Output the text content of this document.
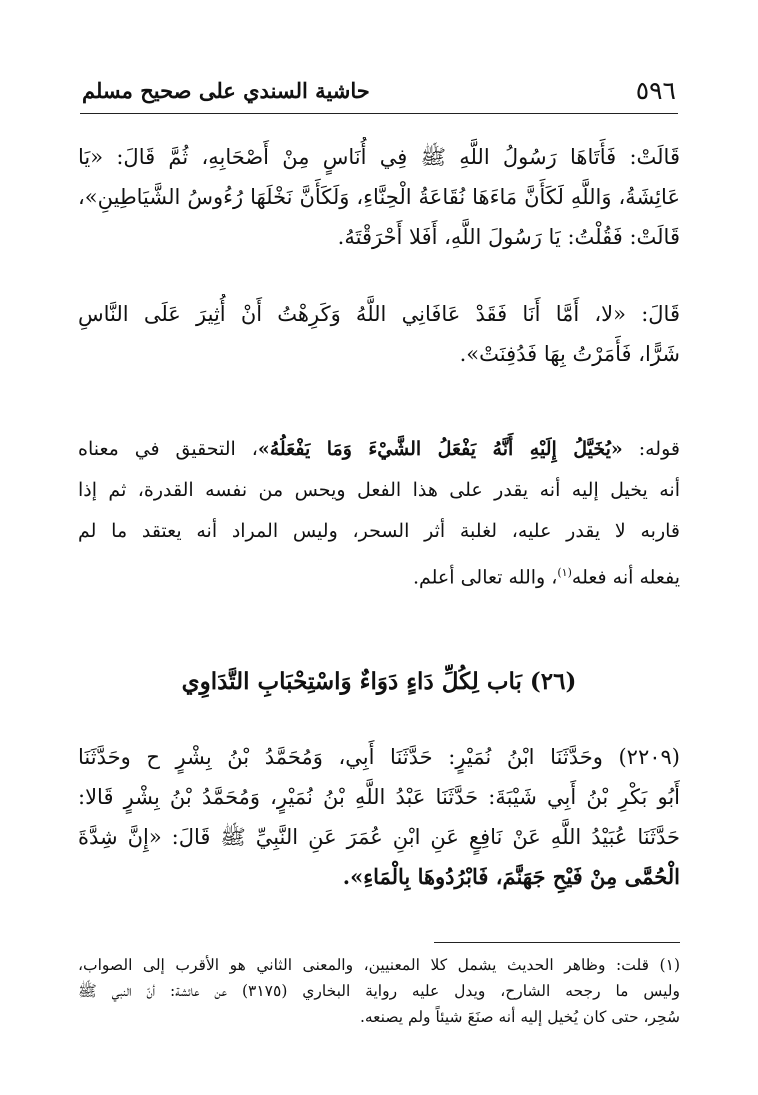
٥٩٦
حاشية السندي على صحيح مسلم
قَالَتْ: فَأَتَاهَا رَسُولُ اللَّهِ ﷺ فِي أُنَاسٍ مِنْ أَصْحَابِهِ، ثُمَّ قَالَ: «يَا
عَائِشَةُ، وَاللَّهِ لَكَأَنَّ مَاءَهَا نُقَاعَةُ الْحِنَّاءِ، وَلَكَأَنَّ نَخْلَهَا رُءُوسُ الشَّيَاطِينِ»،
قَالَتْ: فَقُلْتُ: يَا رَسُولَ اللَّهِ، أَفَلا أَحْرَقْتَهُ.
قَالَ: «لا، أَمَّا أَنَا فَقَدْ عَافَانِي اللَّهُ وَكَرِهْتُ أَنْ أُثِيرَ عَلَى النَّاسِ
شَرًّا، فَأَمَرْتُ بِهَا فَدُفِنَتْ».
قوله: «يُخَيَّلُ إِلَيْهِ أَنَّهُ يَفْعَلُ الشَّيْءَ وَمَا يَفْعَلُهُ»، التحقيق في معناه
أنه يخيل إليه أنه يقدر على هذا الفعل ويحس من نفسه القدرة، ثم إذا
قاربه لا يقدر عليه، لغلبة أثر السحر، وليس المراد أنه يعتقد ما لم
يفعله أنه فعله$^{(١)}$، والله تعالى أعلم.
(٢٦) بَاب لِكُلِّ دَاءٍ دَوَاءٌ وَاسْتِحْبَابِ التَّدَاوِي
(٢٢٠٩) وحَدَّثَنَا ابْنُ نُمَيْرٍ: حَدَّثَنَا أَبِي، وَمُحَمَّدُ بْنُ بِشْرٍ ح وحَدَّثَنَا
أَبُو بَكْرِ بْنُ أَبِي شَيْبَةَ: حَدَّثَنَا عَبْدُ اللَّهِ بْنُ نُمَيْرٍ، وَمُحَمَّدُ بْنُ بِشْرٍ قَالا:
حَدَّثَنَا عُبَيْدُ اللَّهِ عَنْ نَافِعٍ عَنِ ابْنِ عُمَرَ عَنِ النَّبِيِّ ﷺ قَالَ: «إِنَّ شِدَّةَ
الْحُمَّى مِنْ فَيْحِ جَهَنَّمَ، فَابْرُدُوهَا بِالْمَاءِ».
(١) قلت: وظاهر الحديث يشمل كلا المعنيين، والمعنى الثاني هو الأقرب إلى الصواب،
وليس ما رجحه الشارح، ويدل عليه رواية البخاري (٣١٧٥) عن عائشة: أنّ النبي ﷺ
سُحِر، حتى كان يُخيل إليه أنه صنَعَ شيئاً ولم يصنعه.
